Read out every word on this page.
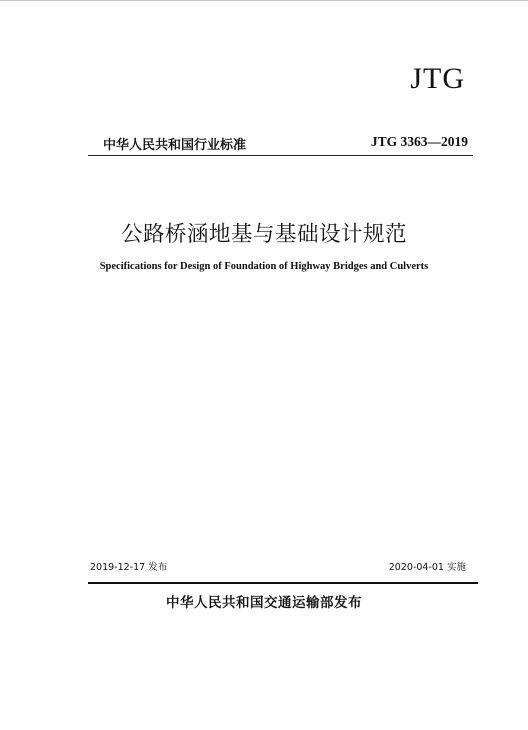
JTG
中华人民共和国行业标准	JTG 3363—2019
公路桥涵地基与基础设计规范
Specifications for Design of Foundation of Highway Bridges and Culverts
2019-12-17 发布	2020-04-01 实施
中华人民共和国交通运输部发布
